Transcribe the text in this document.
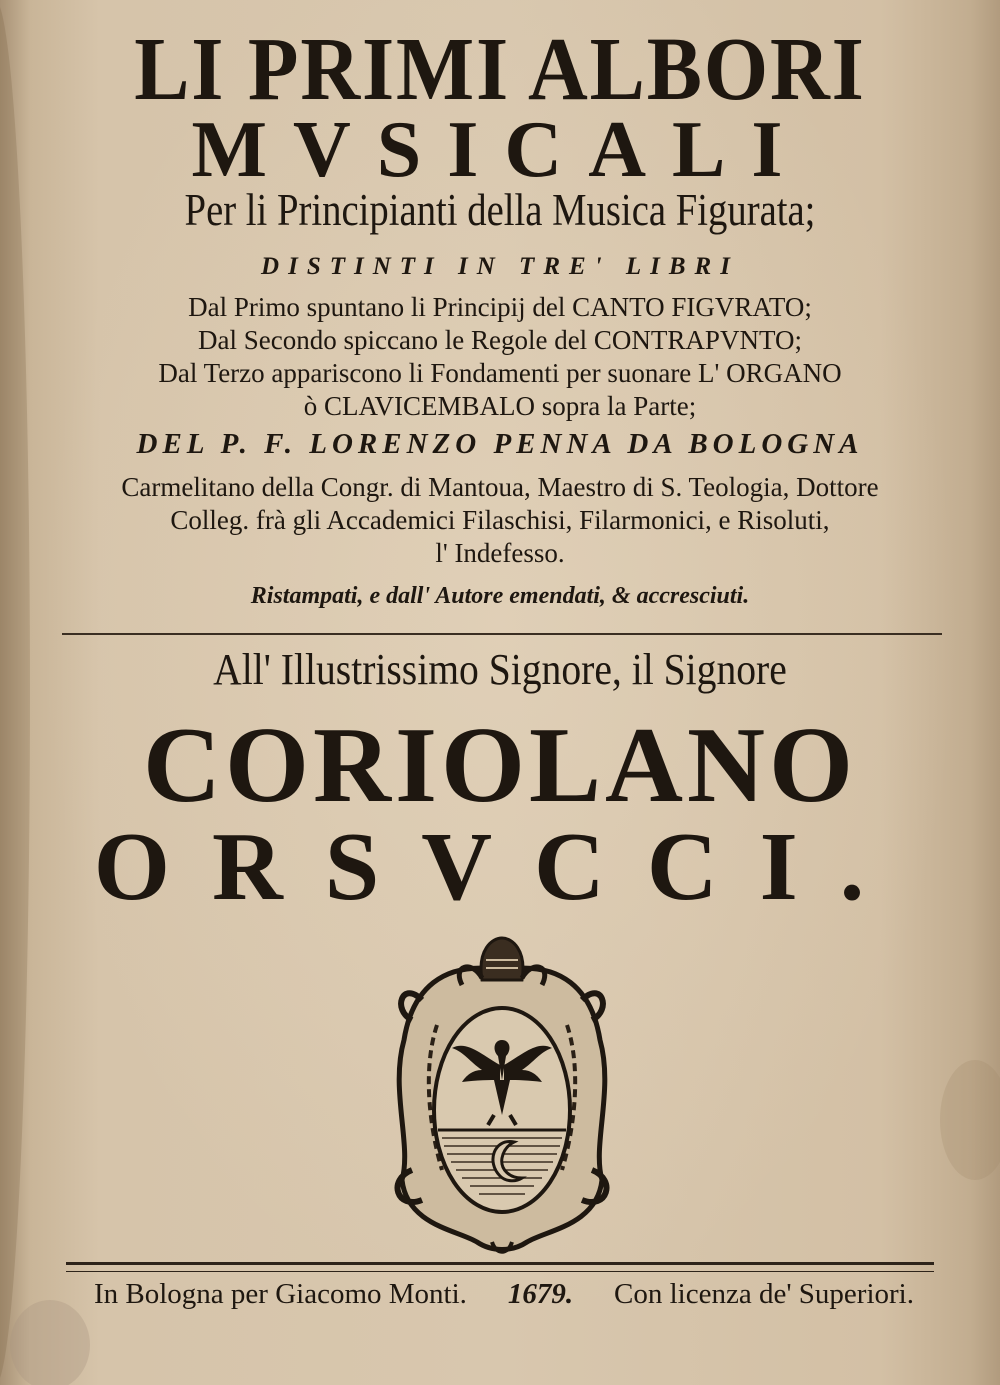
LI PRIMI ALBORI
MVSICALI
Per li Principianti della Musica Figurata;
DISTINTI IN TRE' LIBRI
Dal Primo spuntano li Principij del CANTO FIGVRATO;
Dal Secondo spiccano le Regole del CONTRAPVNTO;
Dal Terzo appariscono li Fondamenti per suonare L' ORGANO
ò CLAVICEMBALO sopra la Parte;
DEL P. F. LORENZO PENNA DA BOLOGNA
Carmelitano della Congr. di Mantoua, Maestro di S. Teologia, Dottore
Colleg. frà gli Accademici Filaschisi, Filarmonici, e Risoluti,
l' Indefesso.
Ristampati, e dall' Autore emendati, & accresciuti.
All' Illustrissimo Signore, il Signore
CORIOLANO
ORSVCCI.
In Bologna per Giacomo Monti. 1679. Con licenza de' Superiori.
